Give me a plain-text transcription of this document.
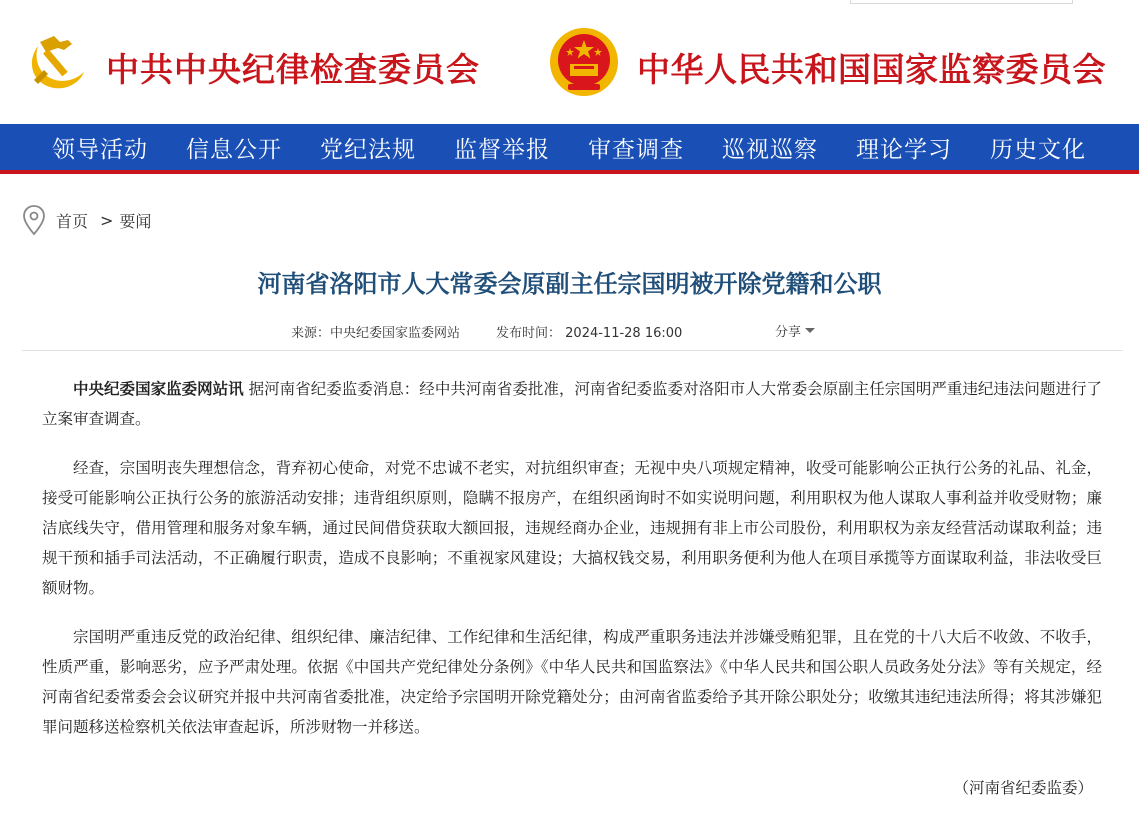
中共中央纪律检查委员会	中华人民共和国国家监察委员会
领导活动 信息公开 党纪法规 监督举报 审查调查 巡视巡察 理论学习 历史文化
首页 > 要闻
河南省洛阳市人大常委会原副主任宗国明被开除党籍和公职
来源：中央纪委国家监委网站	发布时间： 2024-11-28 16:00	分享

中央纪委国家监委网站讯 据河南省纪委监委消息：经中共河南省委批准，河南省纪委监委对洛阳市人大常委会原副主任宗国明严重违纪违法问题进行了立案审查调查。

经查，宗国明丧失理想信念，背弃初心使命，对党不忠诚不老实，对抗组织审查；无视中央八项规定精神，收受可能影响公正执行公务的礼品、礼金，接受可能影响公正执行公务的旅游活动安排；违背组织原则，隐瞒不报房产，在组织函询时不如实说明问题，利用职权为他人谋取人事利益并收受财物；廉洁底线失守，借用管理和服务对象车辆，通过民间借贷获取大额回报，违规经商办企业，违规拥有非上市公司股份，利用职权为亲友经营活动谋取利益；违规干预和插手司法活动，不正确履行职责，造成不良影响；不重视家风建设；大搞权钱交易，利用职务便利为他人在项目承揽等方面谋取利益，非法收受巨额财物。

宗国明严重违反党的政治纪律、组织纪律、廉洁纪律、工作纪律和生活纪律，构成严重职务违法并涉嫌受贿犯罪，且在党的十八大后不收敛、不收手，性质严重，影响恶劣，应予严肃处理。依据《中国共产党纪律处分条例》《中华人民共和国监察法》《中华人民共和国公职人员政务处分法》等有关规定，经河南省纪委常委会会议研究并报中共河南省委批准，决定给予宗国明开除党籍处分；由河南省监委给予其开除公职处分；收缴其违纪违法所得；将其涉嫌犯罪问题移送检察机关依法审查起诉，所涉财物一并移送。

（河南省纪委监委）
